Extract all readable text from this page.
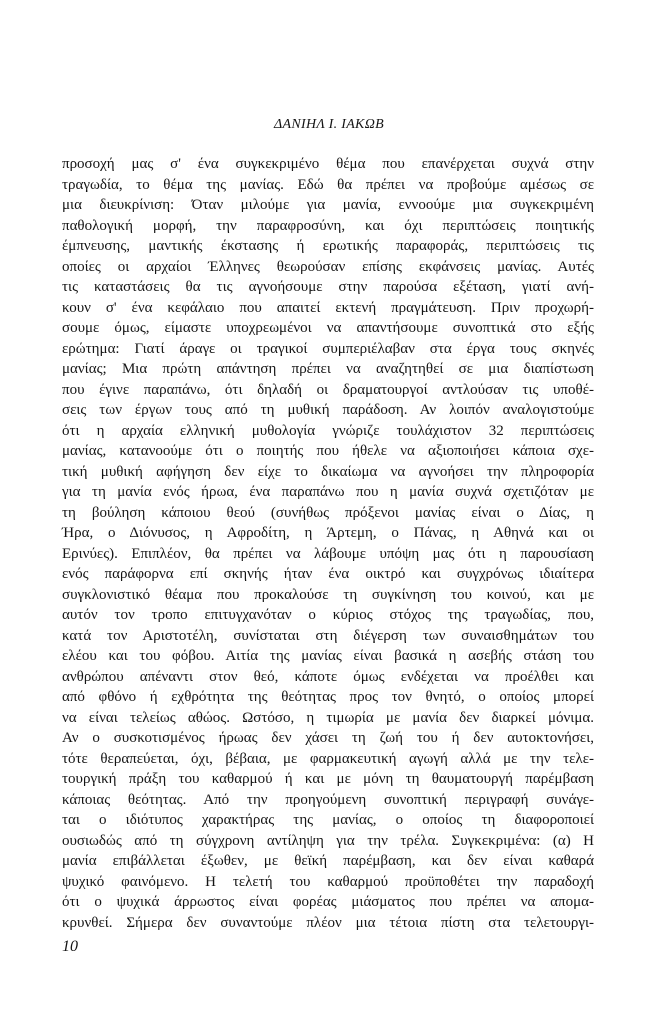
ΔΑΝΙΗΛ Ι. ΙΑΚΩΒ
προσοχή μας σ' ένα συγκεκριμένο θέμα που επανέρχεται συχνά στην
τραγωδία, το θέμα της μανίας. Εδώ θα πρέπει να προβούμε αμέσως σε
μια διευκρίνιση: Όταν μιλούμε για μανία, εννοούμε μια συγκεκριμένη
παθολογική μορφή, την παραφροσύνη, και όχι περιπτώσεις ποιητικής
έμπνευσης, μαντικής έκστασης ή ερωτικής παραφοράς, περιπτώσεις τις
οποίες οι αρχαίοι Έλληνες θεωρούσαν επίσης εκφάνσεις μανίας. Αυτές
τις καταστάσεις θα τις αγνοήσουμε στην παρούσα εξέταση, γιατί ανή-
κουν σ' ένα κεφάλαιο που απαιτεί εκτενή πραγμάτευση. Πριν προχωρή-
σουμε όμως, είμαστε υποχρεωμένοι να απαντήσουμε συνοπτικά στο εξής
ερώτημα: Γιατί άραγε οι τραγικοί συμπεριέλαβαν στα έργα τους σκηνές
μανίας; Μια πρώτη απάντηση πρέπει να αναζητηθεί σε μια διαπίστωση
που έγινε παραπάνω, ότι δηλαδή οι δραματουργοί αντλούσαν τις υποθέ-
σεις των έργων τους από τη μυθική παράδοση. Αν λοιπόν αναλογιστούμε
ότι η αρχαία ελληνική μυθολογία γνώριζε τουλάχιστον 32 περιπτώσεις
μανίας, κατανοούμε ότι ο ποιητής που ήθελε να αξιοποιήσει κάποια σχε-
τική μυθική αφήγηση δεν είχε το δικαίωμα να αγνοήσει την πληροφορία
για τη μανία ενός ήρωα, ένα παραπάνω που η μανία συχνά σχετιζόταν με
τη βούληση κάποιου θεού (συνήθως πρόξενοι μανίας είναι ο Δίας, η
Ήρα, ο Διόνυσος, η Αφροδίτη, η Άρτεμη, ο Πάνας, η Αθηνά και οι
Ερινύες). Επιπλέον, θα πρέπει να λάβουμε υπόψη μας ότι η παρουσίαση
ενός παράφορνα επί σκηνής ήταν ένα οικτρό και συγχρόνως ιδιαίτερα
συγκλονιστικό θέαμα που προκαλούσε τη συγκίνηση του κοινού, και με
αυτόν τον τροπο επιτυγχανόταν ο κύριος στόχος της τραγωδίας, που,
κατά τον Αριστοτέλη, συνίσταται στη διέγερση των συναισθημάτων του
ελέου και του φόβου. Αιτία της μανίας είναι βασικά η ασεβής στάση του
ανθρώπου απέναντι στον θεό, κάποτε όμως ενδέχεται να προέλθει και
από φθόνο ή εχθρότητα της θεότητας προς τον θνητό, ο οποίος μπορεί
να είναι τελείως αθώος. Ωστόσο, η τιμωρία με μανία δεν διαρκεί μόνιμα.
Αν ο συσκοτισμένος ήρωας δεν χάσει τη ζωή του ή δεν αυτοκτονήσει,
τότε θεραπεύεται, όχι, βέβαια, με φαρμακευτική αγωγή αλλά με την τελε-
τουργική πράξη του καθαρμού ή και με μόνη τη θαυματουργή παρέμβαση
κάποιας θεότητας. Από την προηγούμενη συνοπτική περιγραφή συνάγε-
ται ο ιδιότυπος χαρακτήρας της μανίας, ο οποίος τη διαφοροποιεί
ουσιωδώς από τη σύγχρονη αντίληψη για την τρέλα. Συγκεκριμένα: (α) Η
μανία επιβάλλεται έξωθεν, με θεϊκή παρέμβαση, και δεν είναι καθαρά
ψυχικό φαινόμενο. Η τελετή του καθαρμού προϋποθέτει την παραδοχή
ότι ο ψυχικά άρρωστος είναι φορέας μιάσματος που πρέπει να απομα-
κρυνθεί. Σήμερα δεν συναντούμε πλέον μια τέτοια πίστη στα τελετουργι-
10
